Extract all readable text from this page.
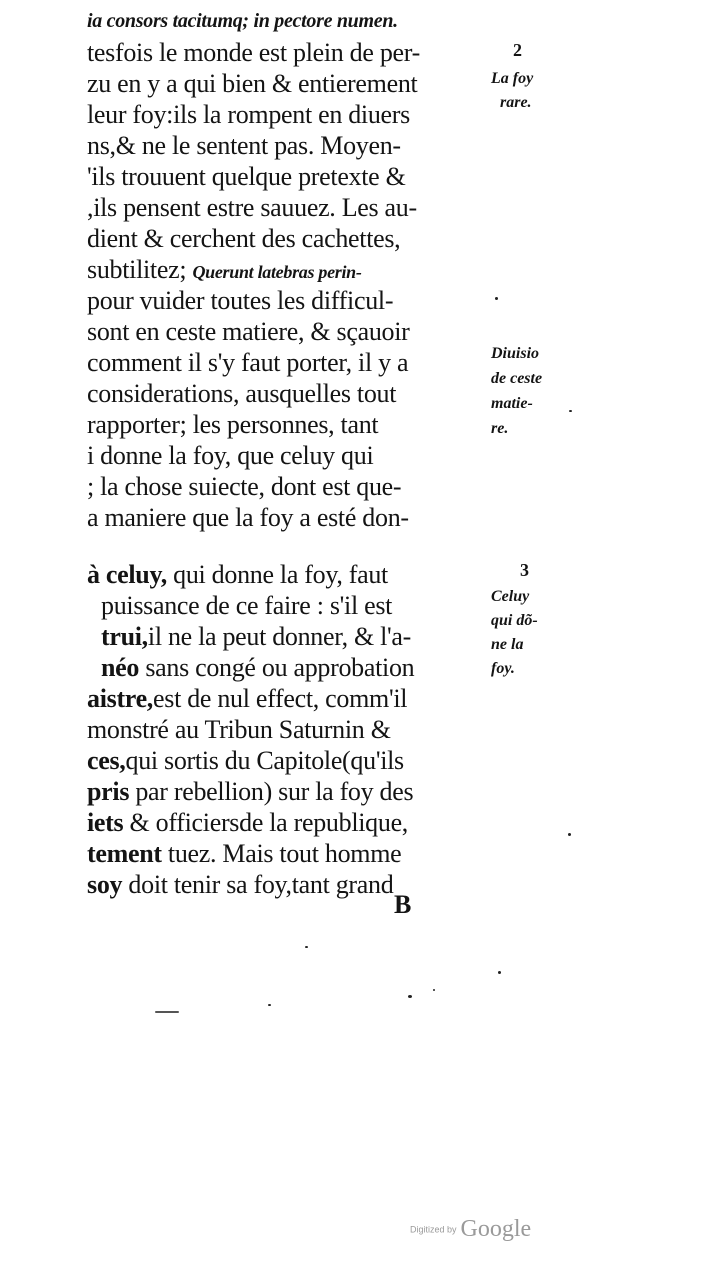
ia consors tacitumq; in pectore numen.
tesfois le monde est plein de per-
zu en y a qui bien & entierement
leur foy:ils la rompent en diuers
ns,& ne le sentent pas. Moyen-
'ils trouuent quelque pretexte &
,ils pensent estre sauuez. Les au-
dient & cerchent des cachettes,
subtilitez; Querunt latebras perin-
pour vuider toutes les difficul-
sont en ceste matiere, & sçauoir
comment il s'y faut porter, il y a
considerations, ausquelles tout
rapporter; les personnes, tant
i donne la foy, que celuy qui
; la chose suiecte, dont est que-
a maniere que la foy a esté don-
à celuy, qui donne la foy, faut
puissance de ce faire : s'il est
trui,il ne la peut donner, & l'a-
néo sans congé ou approbation
aistre,est de nul effect, comm'il
monstré au Tribun Saturnin &
ces,qui sortis du Capitole(qu'ils
pris par rebellion) sur la foy des
iets & officiersde la republique,
tement tuez. Mais tout homme
soy doit tenir sa foy,tant grand
B
2
La foy
rare.
Diuisio
de ceste
matie-
re.
3
Celuy
qui dõ-
ne la
foy.
Digitized by Google
